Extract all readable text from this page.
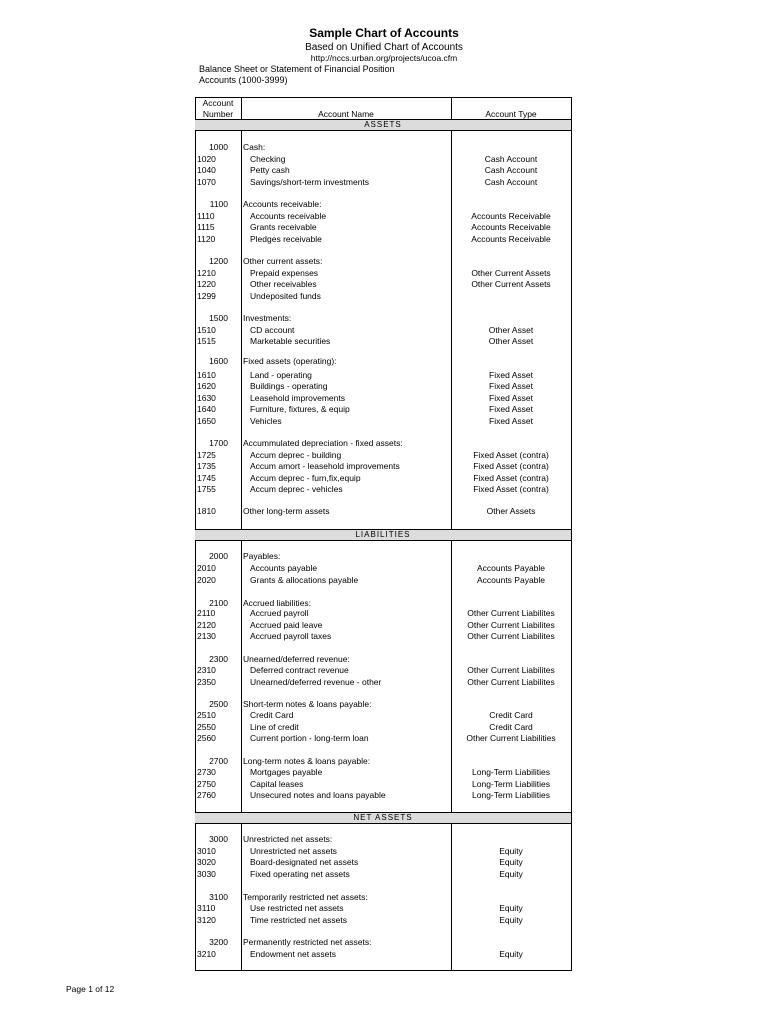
Sample Chart of Accounts
Based on Unified Chart of Accounts
http://nccs.urban.org/projects/ucoa.cfm
Balance Sheet or Statement of Financial Position
Accounts (1000-3999)
Account
Number	Account Name	Account Type
ASSETS
LIABILITIES
NET ASSETS
1000 Cash:
1020	Checking	Cash Account
1040	Petty cash	Cash Account
1070	Savings/short-term investments	Cash Account
1100 Accounts receivable:
1110	Accounts receivable	Accounts Receivable
1115	Grants receivable	Accounts Receivable
1120	Pledges receivable	Accounts Receivable
1200 Other current assets:
1210	Prepaid expenses	Other Current Assets
1220	Other receivables	Other Current Assets
1299	Undeposited funds
1500 Investments:
1510	CD account	Other Asset
1515	Marketable securities	Other Asset
1600 Fixed assets (operating):
1610	Land - operating	Fixed Asset
1620	Buildings - operating	Fixed Asset
1630	Leasehold improvements	Fixed Asset
1640	Furniture, fixtures, & equip	Fixed Asset
1650	Vehicles	Fixed Asset
1700 Accummulated depreciation - fixed assets:
1725	Accum deprec - building	Fixed Asset (contra)
1735	Accum amort - leasehold improvements	Fixed Asset (contra)
1745	Accum deprec - furn,fix,equip	Fixed Asset (contra)
1755	Accum deprec - vehicles	Fixed Asset (contra)
1810	Other long-term assets	Other Assets
2000 Payables:
2010	Accounts payable	Accounts Payable
2020	Grants & allocations payable	Accounts Payable
2100 Accrued liabilities:
2110	Accrued payroll	Other Current Liabilites
2120	Accrued paid leave	Other Current Liabilites
2130	Accrued payroll taxes	Other Current Liabilites
2300 Unearned/deferred revenue:
2310	Deferred contract revenue	Other Current Liabilites
2350	Unearned/deferred revenue - other	Other Current Liabilites
2500 Short-term notes & loans payable:
2510	Credit Card	Credit Card
2550	Line of credit	Credit Card
2560	Current portion - long-term loan	Other Current Liabilities
2700 Long-term notes & loans payable:
2730	Mortgages payable	Long-Term Liabilities
2750	Capital leases	Long-Term Liabilities
2760	Unsecured notes and loans payable	Long-Term Liabilities
3000 Unrestricted net assets:
3010	Unrestricted net assets	Equity
3020	Board-designated net assets	Equity
3030	Fixed operating net assets	Equity
3100 Temporarily restricted net assets:
3110	Use restricted net assets	Equity
3120	Time restricted net assets	Equity
3200 Permanently restricted net assets:
3210	Endowment net assets	Equity
Page 1 of 12
